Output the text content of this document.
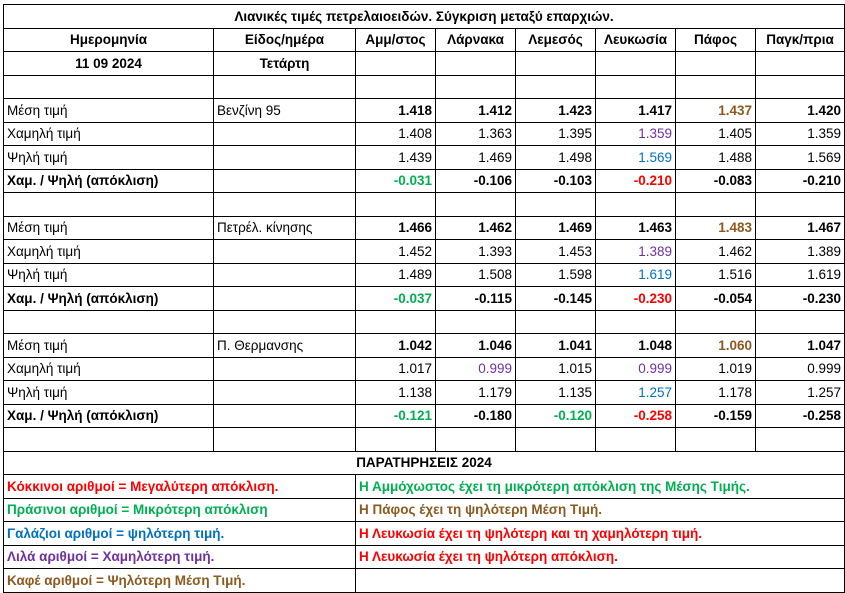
Λιανικές τιμές πετρελαιοειδών. Σύγκριση μεταξύ επαρχιών.							
Ημερομηνία	Είδος/ημέρα	Αμμ/στος	Λάρνακα	Λεμεσός	Λευκωσία	Πάφος	Παγκ/πρια
11 09 2024	Τετάρτη						

Μέση τιμή	Βενζίνη 95	1.418	1.412	1.423	1.417	1.437	1.420
Χαμηλή τιμή		1.408	1.363	1.395	1.359	1.405	1.359
Ψηλή τιμή		1.439	1.469	1.498	1.569	1.488	1.569
Χαμ. / Ψηλή (απόκλιση)		-0.031	-0.106	-0.103	-0.210	-0.083	-0.210

Μέση τιμή	Πετρέλ. κίνησης	1.466	1.462	1.469	1.463	1.483	1.467
Χαμηλή τιμή		1.452	1.393	1.453	1.389	1.462	1.389
Ψηλή τιμή		1.489	1.508	1.598	1.619	1.516	1.619
Χαμ. / Ψηλή (απόκλιση)		-0.037	-0.115	-0.145	-0.230	-0.054	-0.230

Μέση τιμή	Π. Θερμανσης	1.042	1.046	1.041	1.048	1.060	1.047
Χαμηλή τιμή		1.017	0.999	1.015	0.999	1.019	0.999
Ψηλή τιμή		1.138	1.179	1.135	1.257	1.178	1.257
Χαμ. / Ψηλή (απόκλιση)		-0.121	-0.180	-0.120	-0.258	-0.159	-0.258

ΠΑΡΑΤΗΡΗΣΕΙΣ 2024							
Κόκκινοι αριθμοί = Μεγαλύτερη απόκλιση.		Η Αμμόχωστος έχει τη μικρότερη απόκλιση της Μέσης Τιμής.					
Πράσινοι αριθμοί = Μικρότερη απόκλιση		Η Πάφος έχει τη ψηλότερη Μέση Τιμή.					
Γαλάζιοι αριθμοί = ψηλότερη τιμή.		Η Λευκωσία έχει τη ψηλότερη και τη χαμηλότερη τιμή.					
Λιλά αριθμοί = Χαμηλότερη τιμή.		Η Λευκωσία έχει τη ψηλότερη απόκλιση.					
Καφέ αριθμοί = Ψηλότερη Μέση Τιμή.							
